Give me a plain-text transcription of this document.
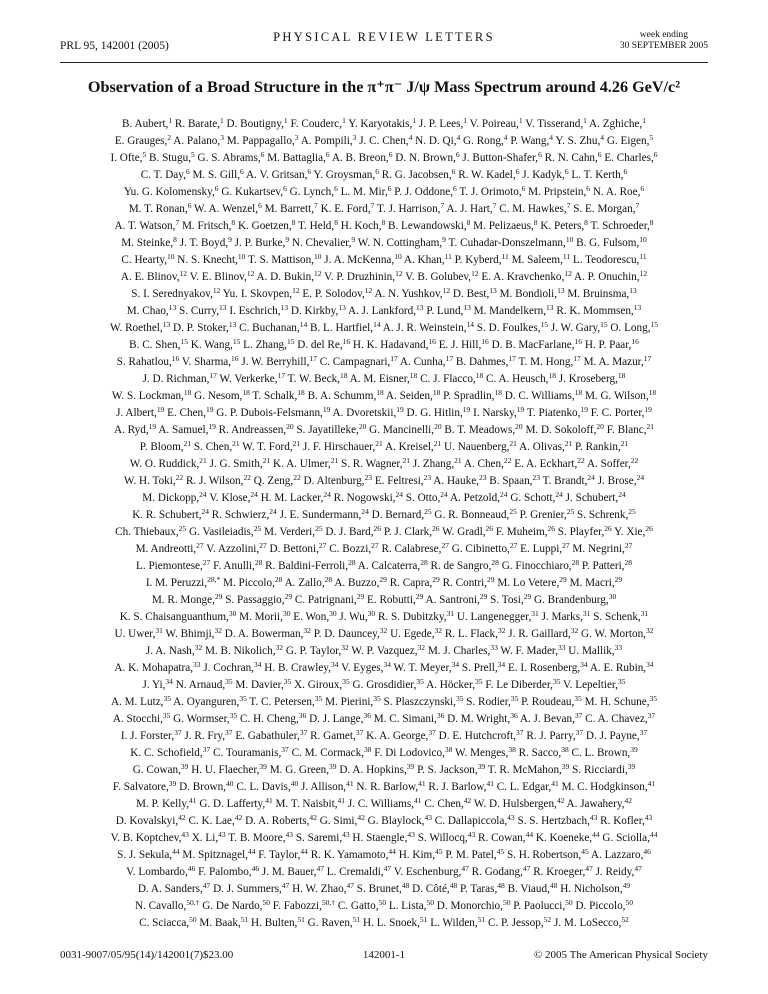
PRL 95, 142001 (2005)
PHYSICAL REVIEW LETTERS	week ending
30 SEPTEMBER 2005
Observation of a Broad Structure in the π⁺π⁻ J/ψ Mass Spectrum around 4.26 GeV/c²
B. Aubert,$^1$ R. Barate,$^1$ D. Boutigny,$^1$ F. Couderc,$^1$ Y. Karyotakis,$^1$ J. P. Lees,$^1$ V. Poireau,$^1$ V. Tisserand,$^1$ A. Zghiche,$^1$
E. Grauges,$^2$ A. Palano,$^3$ M. Pappagallo,$^3$ A. Pompili,$^3$ J. C. Chen,$^4$ N. D. Qi,$^4$ G. Rong,$^4$ P. Wang,$^4$ Y. S. Zhu,$^4$ G. Eigen,$^5$
I. Ofte,$^5$ B. Stugu,$^5$ G. S. Abrams,$^6$ M. Battaglia,$^6$ A. B. Breon,$^6$ D. N. Brown,$^6$ J. Button-Shafer,$^6$ R. N. Cahn,$^6$ E. Charles,$^6$
C. T. Day,$^6$ M. S. Gill,$^6$ A. V. Gritsan,$^6$ Y. Groysman,$^6$ R. G. Jacobsen,$^6$ R. W. Kadel,$^6$ J. Kadyk,$^6$ L. T. Kerth,$^6$
Yu. G. Kolomensky,$^6$ G. Kukartsev,$^6$ G. Lynch,$^6$ L. M. Mir,$^6$ P. J. Oddone,$^6$ T. J. Orimoto,$^6$ M. Pripstein,$^6$ N. A. Roe,$^6$
M. T. Ronan,$^6$ W. A. Wenzel,$^6$ M. Barrett,$^7$ K. E. Ford,$^7$ T. J. Harrison,$^7$ A. J. Hart,$^7$ C. M. Hawkes,$^7$ S. E. Morgan,$^7$
A. T. Watson,$^7$ M. Fritsch,$^8$ K. Goetzen,$^8$ T. Held,$^8$ H. Koch,$^8$ B. Lewandowski,$^8$ M. Pelizaeus,$^8$ K. Peters,$^8$ T. Schroeder,$^8$
M. Steinke,$^8$ J. T. Boyd,$^9$ J. P. Burke,$^9$ N. Chevalier,$^9$ W. N. Cottingham,$^9$ T. Cuhadar-Donszelmann,$^{10}$ B. G. Fulsom,$^{10}$
C. Hearty,$^{10}$ N. S. Knecht,$^{10}$ T. S. Mattison,$^{10}$ J. A. McKenna,$^{10}$ A. Khan,$^{11}$ P. Kyberd,$^{11}$ M. Saleem,$^{11}$ L. Teodorescu,$^{11}$
A. E. Blinov,$^{12}$ V. E. Blinov,$^{12}$ A. D. Bukin,$^{12}$ V. P. Druzhinin,$^{12}$ V. B. Golubev,$^{12}$ E. A. Kravchenko,$^{12}$ A. P. Onuchin,$^{12}$
S. I. Serednyakov,$^{12}$ Yu. I. Skovpen,$^{12}$ E. P. Solodov,$^{12}$ A. N. Yushkov,$^{12}$ D. Best,$^{13}$ M. Bondioli,$^{13}$ M. Bruinsma,$^{13}$
M. Chao,$^{13}$ S. Curry,$^{13}$ I. Eschrich,$^{13}$ D. Kirkby,$^{13}$ A. J. Lankford,$^{13}$ P. Lund,$^{13}$ M. Mandelkern,$^{13}$ R. K. Mommsen,$^{13}$
W. Roethel,$^{13}$ D. P. Stoker,$^{13}$ C. Buchanan,$^{14}$ B. L. Hartfiel,$^{14}$ A. J. R. Weinstein,$^{14}$ S. D. Foulkes,$^{15}$ J. W. Gary,$^{15}$ O. Long,$^{15}$
B. C. Shen,$^{15}$ K. Wang,$^{15}$ L. Zhang,$^{15}$ D. del Re,$^{16}$ H. K. Hadavand,$^{16}$ E. J. Hill,$^{16}$ D. B. MacFarlane,$^{16}$ H. P. Paar,$^{16}$
S. Rahatlou,$^{16}$ V. Sharma,$^{16}$ J. W. Berryhill,$^{17}$ C. Campagnari,$^{17}$ A. Cunha,$^{17}$ B. Dahmes,$^{17}$ T. M. Hong,$^{17}$ M. A. Mazur,$^{17}$
J. D. Richman,$^{17}$ W. Verkerke,$^{17}$ T. W. Beck,$^{18}$ A. M. Eisner,$^{18}$ C. J. Flacco,$^{18}$ C. A. Heusch,$^{18}$ J. Kroseberg,$^{18}$
W. S. Lockman,$^{18}$ G. Nesom,$^{18}$ T. Schalk,$^{18}$ B. A. Schumm,$^{18}$ A. Seiden,$^{18}$ P. Spradlin,$^{18}$ D. C. Williams,$^{18}$ M. G. Wilson,$^{18}$
J. Albert,$^{19}$ E. Chen,$^{19}$ G. P. Dubois-Felsmann,$^{19}$ A. Dvoretskii,$^{19}$ D. G. Hitlin,$^{19}$ I. Narsky,$^{19}$ T. Piatenko,$^{19}$ F. C. Porter,$^{19}$
A. Ryd,$^{19}$ A. Samuel,$^{19}$ R. Andreassen,$^{20}$ S. Jayatilleke,$^{20}$ G. Mancinelli,$^{20}$ B. T. Meadows,$^{20}$ M. D. Sokoloff,$^{20}$ F. Blanc,$^{21}$
P. Bloom,$^{21}$ S. Chen,$^{21}$ W. T. Ford,$^{21}$ J. F. Hirschauer,$^{21}$ A. Kreisel,$^{21}$ U. Nauenberg,$^{21}$ A. Olivas,$^{21}$ P. Rankin,$^{21}$
W. O. Ruddick,$^{21}$ J. G. Smith,$^{21}$ K. A. Ulmer,$^{21}$ S. R. Wagner,$^{21}$ J. Zhang,$^{21}$ A. Chen,$^{22}$ E. A. Eckhart,$^{22}$ A. Soffer,$^{22}$
W. H. Toki,$^{22}$ R. J. Wilson,$^{22}$ Q. Zeng,$^{22}$ D. Altenburg,$^{23}$ E. Feltresi,$^{23}$ A. Hauke,$^{23}$ B. Spaan,$^{23}$ T. Brandt,$^{24}$ J. Brose,$^{24}$
M. Dickopp,$^{24}$ V. Klose,$^{24}$ H. M. Lacker,$^{24}$ R. Nogowski,$^{24}$ S. Otto,$^{24}$ A. Petzold,$^{24}$ G. Schott,$^{24}$ J. Schubert,$^{24}$
K. R. Schubert,$^{24}$ R. Schwierz,$^{24}$ J. E. Sundermann,$^{24}$ D. Bernard,$^{25}$ G. R. Bonneaud,$^{25}$ P. Grenier,$^{25}$ S. Schrenk,$^{25}$
Ch. Thiebaux,$^{25}$ G. Vasileiadis,$^{25}$ M. Verderi,$^{25}$ D. J. Bard,$^{26}$ P. J. Clark,$^{26}$ W. Gradl,$^{26}$ F. Muheim,$^{26}$ S. Playfer,$^{26}$ Y. Xie,$^{26}$
M. Andreotti,$^{27}$ V. Azzolini,$^{27}$ D. Bettoni,$^{27}$ C. Bozzi,$^{27}$ R. Calabrese,$^{27}$ G. Cibinetto,$^{27}$ E. Luppi,$^{27}$ M. Negrini,$^{27}$
L. Piemontese,$^{27}$ F. Anulli,$^{28}$ R. Baldini-Ferroli,$^{28}$ A. Calcaterra,$^{28}$ R. de Sangro,$^{28}$ G. Finocchiaro,$^{28}$ P. Patteri,$^{28}$
I. M. Peruzzi,$^{28,*}$ M. Piccolo,$^{28}$ A. Zallo,$^{28}$ A. Buzzo,$^{29}$ R. Capra,$^{29}$ R. Contri,$^{29}$ M. Lo Vetere,$^{29}$ M. Macri,$^{29}$
M. R. Monge,$^{29}$ S. Passaggio,$^{29}$ C. Patrignani,$^{29}$ E. Robutti,$^{29}$ A. Santroni,$^{29}$ S. Tosi,$^{29}$ G. Brandenburg,$^{30}$
K. S. Chaisanguanthum,$^{30}$ M. Morii,$^{30}$ E. Won,$^{30}$ J. Wu,$^{30}$ R. S. Dubitzky,$^{31}$ U. Langenegger,$^{31}$ J. Marks,$^{31}$ S. Schenk,$^{31}$
U. Uwer,$^{31}$ W. Bhimji,$^{32}$ D. A. Bowerman,$^{32}$ P. D. Dauncey,$^{32}$ U. Egede,$^{32}$ R. L. Flack,$^{32}$ J. R. Gaillard,$^{32}$ G. W. Morton,$^{32}$
J. A. Nash,$^{32}$ M. B. Nikolich,$^{32}$ G. P. Taylor,$^{32}$ W. P. Vazquez,$^{32}$ M. J. Charles,$^{33}$ W. F. Mader,$^{33}$ U. Mallik,$^{33}$
A. K. Mohapatra,$^{33}$ J. Cochran,$^{34}$ H. B. Crawley,$^{34}$ V. Eyges,$^{34}$ W. T. Meyer,$^{34}$ S. Prell,$^{34}$ E. I. Rosenberg,$^{34}$ A. E. Rubin,$^{34}$
J. Yi,$^{34}$ N. Arnaud,$^{35}$ M. Davier,$^{35}$ X. Giroux,$^{35}$ G. Grosdidier,$^{35}$ A. Höcker,$^{35}$ F. Le Diberder,$^{35}$ V. Lepeltier,$^{35}$
A. M. Lutz,$^{35}$ A. Oyanguren,$^{35}$ T. C. Petersen,$^{35}$ M. Pierini,$^{35}$ S. Plaszczynski,$^{35}$ S. Rodier,$^{35}$ P. Roudeau,$^{35}$ M. H. Schune,$^{35}$
A. Stocchi,$^{35}$ G. Wormser,$^{35}$ C. H. Cheng,$^{36}$ D. J. Lange,$^{36}$ M. C. Simani,$^{36}$ D. M. Wright,$^{36}$ A. J. Bevan,$^{37}$ C. A. Chavez,$^{37}$
I. J. Forster,$^{37}$ J. R. Fry,$^{37}$ E. Gabathuler,$^{37}$ R. Gamet,$^{37}$ K. A. George,$^{37}$ D. E. Hutchcroft,$^{37}$ R. J. Parry,$^{37}$ D. J. Payne,$^{37}$
K. C. Schofield,$^{37}$ C. Touramanis,$^{37}$ C. M. Cormack,$^{38}$ F. Di Lodovico,$^{38}$ W. Menges,$^{38}$ R. Sacco,$^{38}$ C. L. Brown,$^{39}$
G. Cowan,$^{39}$ H. U. Flaecher,$^{39}$ M. G. Green,$^{39}$ D. A. Hopkins,$^{39}$ P. S. Jackson,$^{39}$ T. R. McMahon,$^{39}$ S. Ricciardi,$^{39}$
F. Salvatore,$^{39}$ D. Brown,$^{40}$ C. L. Davis,$^{40}$ J. Allison,$^{41}$ N. R. Barlow,$^{41}$ R. J. Barlow,$^{41}$ C. L. Edgar,$^{41}$ M. C. Hodgkinson,$^{41}$
M. P. Kelly,$^{41}$ G. D. Lafferty,$^{41}$ M. T. Naisbit,$^{41}$ J. C. Williams,$^{41}$ C. Chen,$^{42}$ W. D. Hulsbergen,$^{42}$ A. Jawahery,$^{42}$
D. Kovalskyi,$^{42}$ C. K. Lae,$^{42}$ D. A. Roberts,$^{42}$ G. Simi,$^{42}$ G. Blaylock,$^{43}$ C. Dallapiccola,$^{43}$ S. S. Hertzbach,$^{43}$ R. Kofler,$^{43}$
V. B. Koptchev,$^{43}$ X. Li,$^{43}$ T. B. Moore,$^{43}$ S. Saremi,$^{43}$ H. Staengle,$^{43}$ S. Willocq,$^{43}$ R. Cowan,$^{44}$ K. Koeneke,$^{44}$ G. Sciolla,$^{44}$
S. J. Sekula,$^{44}$ M. Spitznagel,$^{44}$ F. Taylor,$^{44}$ R. K. Yamamoto,$^{44}$ H. Kim,$^{45}$ P. M. Patel,$^{45}$ S. H. Robertson,$^{45}$ A. Lazzaro,$^{46}$
V. Lombardo,$^{46}$ F. Palombo,$^{46}$ J. M. Bauer,$^{47}$ L. Cremaldi,$^{47}$ V. Eschenburg,$^{47}$ R. Godang,$^{47}$ R. Kroeger,$^{47}$ J. Reidy,$^{47}$
D. A. Sanders,$^{47}$ D. J. Summers,$^{47}$ H. W. Zhao,$^{47}$ S. Brunet,$^{48}$ D. Côté,$^{48}$ P. Taras,$^{48}$ B. Viaud,$^{48}$ H. Nicholson,$^{49}$
N. Cavallo,$^{50,\dagger}$ G. De Nardo,$^{50}$ F. Fabozzi,$^{50,\dagger}$ C. Gatto,$^{50}$ L. Lista,$^{50}$ D. Monorchio,$^{50}$ P. Paolucci,$^{50}$ D. Piccolo,$^{50}$
C. Sciacca,$^{50}$ M. Baak,$^{51}$ H. Bulten,$^{51}$ G. Raven,$^{51}$ H. L. Snoek,$^{51}$ L. Wilden,$^{51}$ C. P. Jessop,$^{52}$ J. M. LoSecco,$^{52}$
0031-9007/05/95(14)/142001(7)$23.00	142001-1	© 2005 The American Physical Society
